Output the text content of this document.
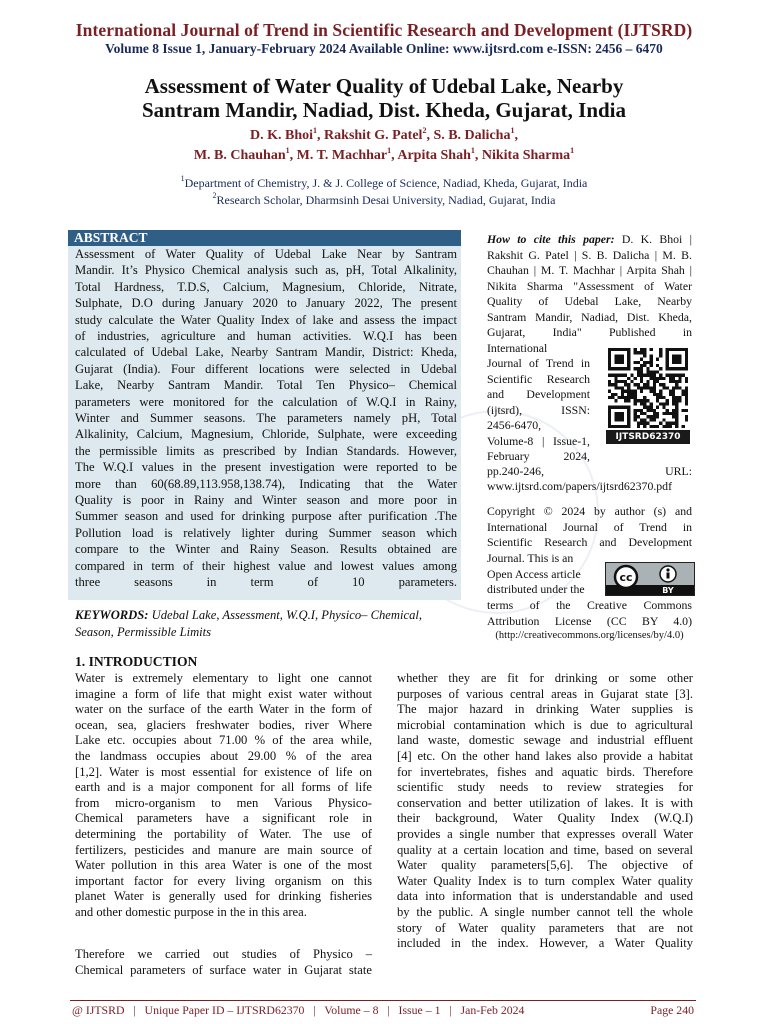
International Journal of Trend in Scientific Research and Development (IJTSRD)
Volume 8 Issue 1, January-February 2024 Available Online: www.ijtsrd.com e-ISSN: 2456 – 6470
Assessment of Water Quality of Udebal Lake, Nearby
Santram Mandir, Nadiad, Dist. Kheda, Gujarat, India
D. K. Bhoi$^1$, Rakshit G. Patel$^2$, S. B. Dalicha$^1$,
M. B. Chauhan$^1$, M. T. Machhar$^1$, Arpita Shah$^1$, Nikita Sharma$^1$
$^1$Department of Chemistry, J. & J. College of Science, Nadiad, Kheda, Gujarat, India
$^2$Research Scholar, Dharmsinh Desai University, Nadiad, Gujarat, India
ABSTRACT
Assessment of Water Quality of Udebal Lake Near by Santram
Mandir. It’s Physico Chemical analysis such as, pH, Total Alkalinity,
Total Hardness, T.D.S, Calcium, Magnesium, Chloride, Nitrate,
Sulphate, D.O during January 2020 to January 2022, The present
study calculate the Water Quality Index of lake and assess the impact
of industries, agriculture and human activities. W.Q.I has been
calculated of Udebal Lake, Nearby Santram Mandir, District: Kheda,
Gujarat (India). Four different locations were selected in Udebal
Lake, Nearby Santram Mandir. Total Ten Physico– Chemical
parameters were monitored for the calculation of W.Q.I in Rainy,
Winter and Summer seasons. The parameters namely pH, Total
Alkalinity, Calcium, Magnesium, Chloride, Sulphate, were exceeding
the permissible limits as prescribed by Indian Standards. However,
The W.Q.I values in the present investigation were reported to be
more than 60(68.89,113.958,138.74), Indicating that the Water
Quality is poor in Rainy and Winter season and more poor in
Summer season and used for drinking purpose after purification .The
Pollution load is relatively lighter during Summer season which
compare to the Winter and Rainy Season. Results obtained are
compared in term of their highest value and lowest values among
three seasons in term of 10 parameters.
KEYWORDS: Udebal Lake, Assessment, W.Q.I, Physico– Chemical,
Season, Permissible Limits
How to cite this paper: D. K. Bhoi |
Rakshit G. Patel | S. B. Dalicha | M. B.
Chauhan | M. T. Machhar | Arpita Shah |
Nikita Sharma "Assessment of Water
Quality of Udebal Lake, Nearby
Santram Mandir, Nadiad, Dist. Kheda,
Gujarat, India" Published in
International
Journal of Trend in
Scientific Research
and Development
(ijtsrd), ISSN:
2456-6470,
Volume-8 | Issue-1,
February 2024,
pp.240-246,	URL:
www.ijtsrd.com/papers/ijtsrd62370.pdf
IJTSRD62370
Copyright © 2024 by author (s) and
International Journal of Trend in
Scientific Research and Development
Journal. This is an
Open Access article
distributed under the
terms of the Creative Commons
Attribution License (CC BY 4.0)
(http://creativecommons.org/licenses/by/4.0)
cc
BY
1. INTRODUCTION
Water is extremely elementary to light one cannot
imagine a form of life that might exist water without
water on the surface of the earth Water in the form of
ocean, sea, glaciers freshwater bodies, river Where
Lake etc. occupies about 71.00 % of the area while,
the landmass occupies about 29.00 % of the area
[1,2]. Water is most essential for existence of life on
earth and is a major component for all forms of life
from micro-organism to men Various Physico-
Chemical parameters have a significant role in
determining the portability of Water. The use of
fertilizers, pesticides and manure are main source of
Water pollution in this area Water is one of the most
important factor for every living organism on this
planet Water is generally used for drinking fisheries
and other domestic purpose in the in this area.
Therefore we carried out studies of Physico –
Chemical parameters of surface water in Gujarat state
whether they are fit for drinking or some other
purposes of various central areas in Gujarat state [3].
The major hazard in drinking Water supplies is
microbial contamination which is due to agricultural
land waste, domestic sewage and industrial effluent
[4] etc. On the other hand lakes also provide a habitat
for invertebrates, fishes and aquatic birds. Therefore
scientific study needs to review strategies for
conservation and better utilization of lakes. It is with
their background, Water Quality Index (W.Q.I)
provides a single number that expresses overall Water
quality at a certain location and time, based on several
Water quality parameters[5,6]. The objective of
Water Quality Index is to turn complex Water quality
data into information that is understandable and used
by the public. A single number cannot tell the whole
story of Water quality parameters that are not
included in the index. However, a Water Quality
@ IJTSRD   |   Unique Paper ID – IJTSRD62370   |   Volume – 8   |   Issue – 1   |   Jan-Feb 2024	Page 240
